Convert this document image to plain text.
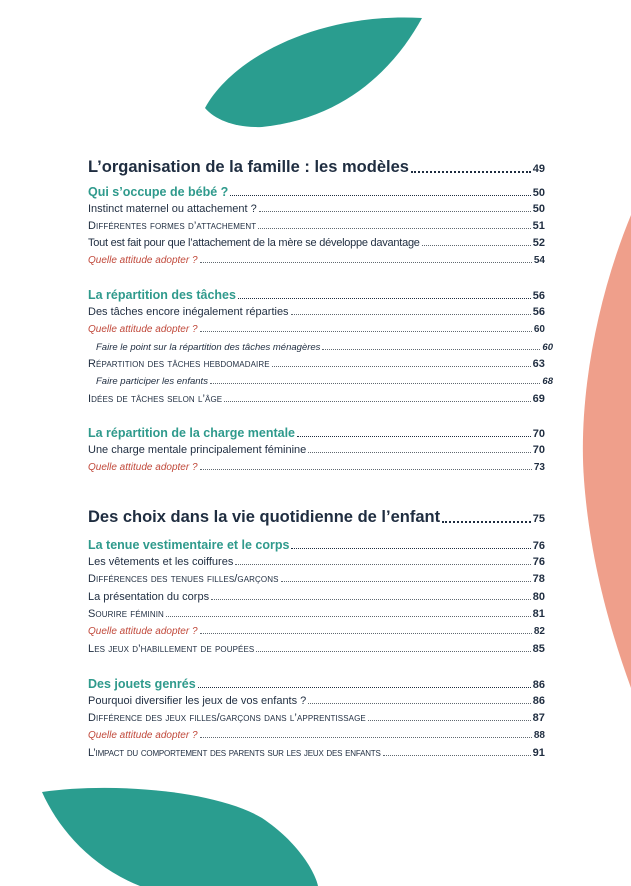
L’organisation de la famille : les modèles	49
Qui s’occupe de bébé ?	50
Instinct maternel ou attachement ?	50
Différentes formes d’attachement	51
Tout est fait pour que l’attachement de la mère se développe davantage	52
Quelle attitude adopter ?	54
La répartition des tâches	56
Des tâches encore inégalement réparties	56
Quelle attitude adopter ?	60
Faire le point sur la répartition des tâches ménagères	60
Répartition des tâches hebdomadaire	63
Faire participer les enfants	68
Idées de tâches selon l’âge	69
La répartition de la charge mentale	70
Une charge mentale principalement féminine	70
Quelle attitude adopter ?	73
Des choix dans la vie quotidienne de l’enfant	75
La tenue vestimentaire et le corps	76
Les vêtements et les coiffures	76
Différences des tenues filles/garçons	78
La présentation du corps	80
Sourire féminin	81
Quelle attitude adopter ?	82
Les jeux d’habillement de poupées	85
Des jouets genrés	86
Pourquoi diversifier les jeux de vos enfants ?	86
Différence des jeux filles/garçons dans l’apprentissage	87
Quelle attitude adopter ?	88
L’impact du comportement des parents sur les jeux des enfants	91
